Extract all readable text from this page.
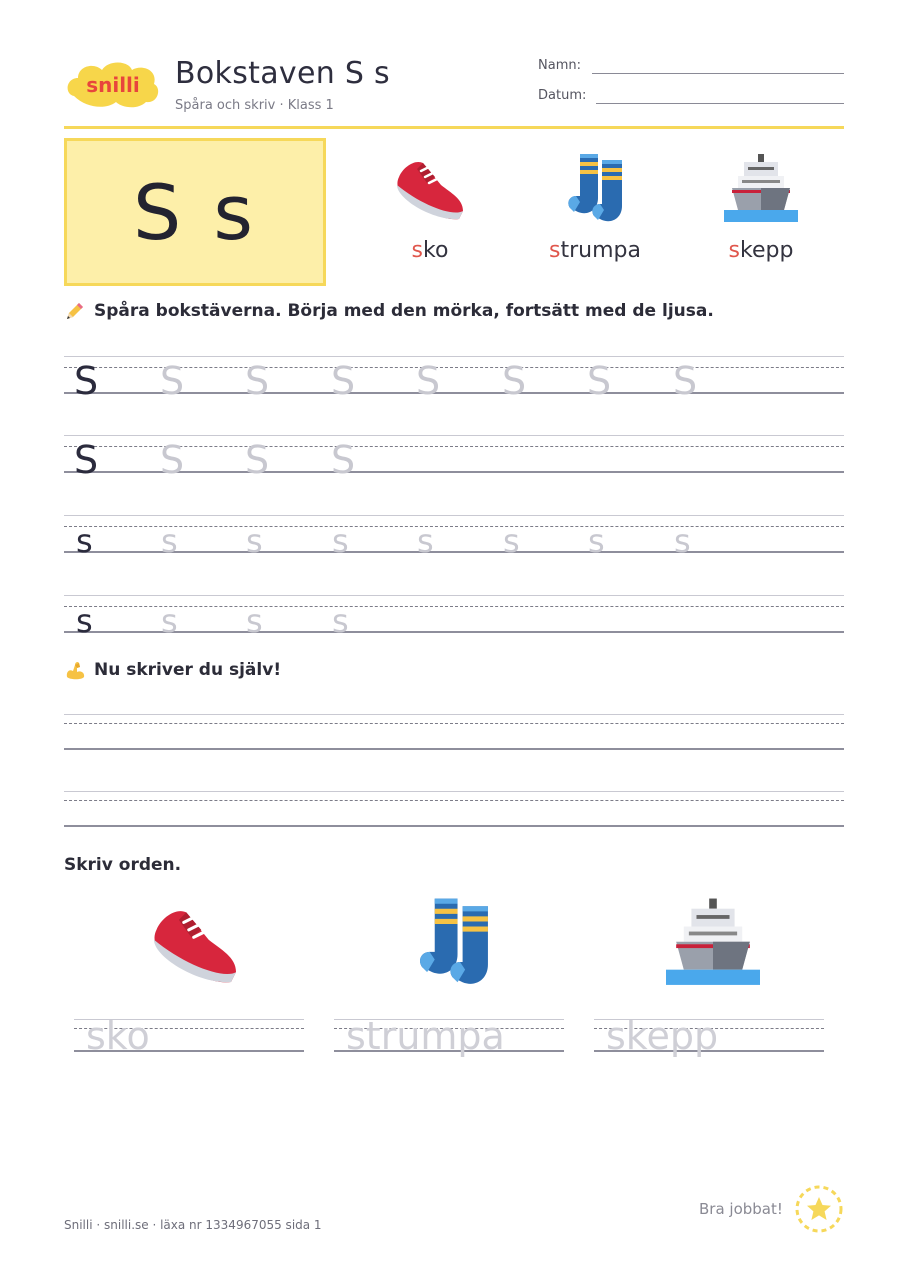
snilli Bokstaven S s
Spåra och skriv · Klass 1
Namn:
Datum:
S s	sko	strumpa	skepp
Spåra bokstäverna. Börja med den mörka, fortsätt med de ljusa.
S S S S S S S S
S S S S
s s s s s s s s
s s s s
Nu skriver du själv!
Skriv orden.
sko	strumpa	skepp
Snilli · snilli.se · läxa nr 1334967055 sida 1
Bra jobbat!
